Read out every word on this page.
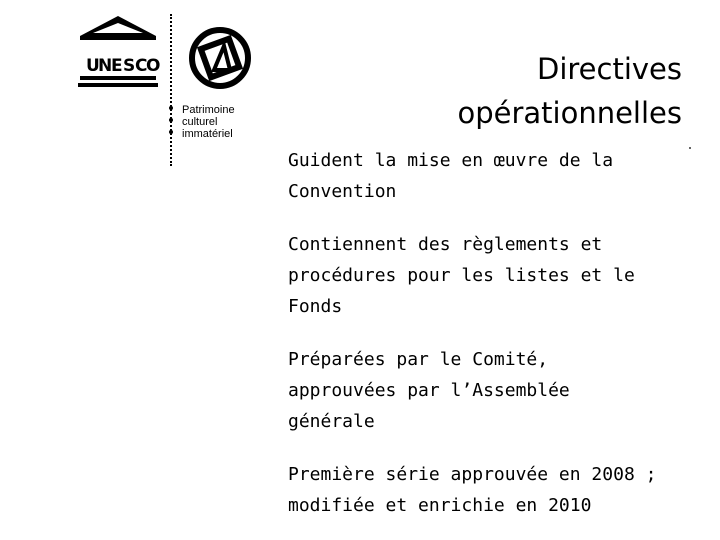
U
N
E S C
O
Patrimoine
culturel
immatériel
Directives
opérationnelles

Guident la mise en œuvre de la
Convention

Contiennent des règlements et
procédures pour les listes et le
Fonds

Préparées par le Comité,
approuvées par l’Assemblée
générale

Première série approuvée en 2008 ;
modifiée et enrichie en 2010
